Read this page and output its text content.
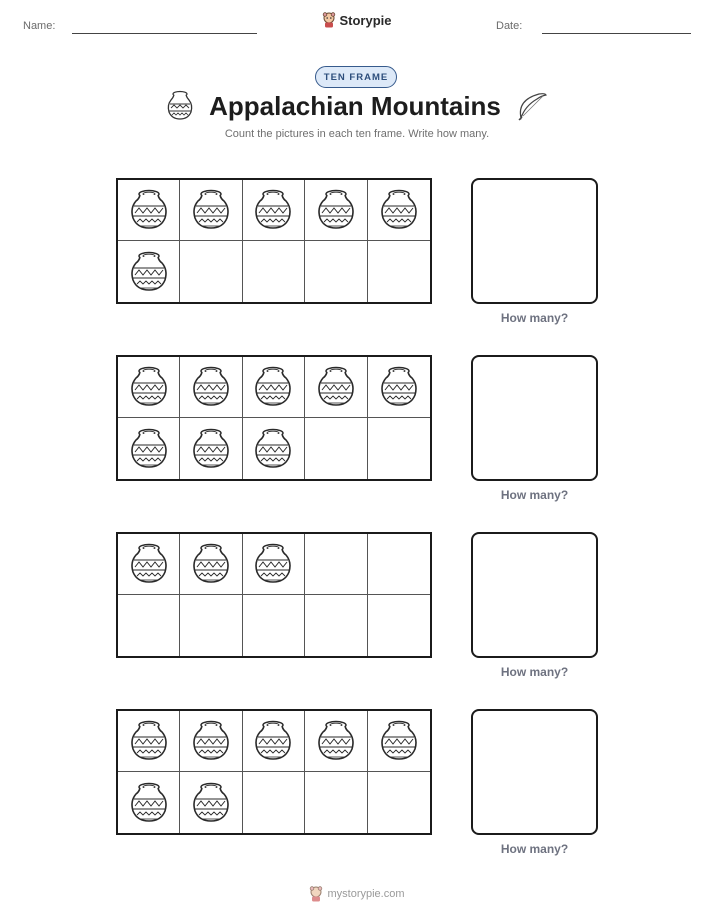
Name:	Storypie	Date:
TEN FRAME
Appalachian Mountains
Count the pictures in each ten frame. Write how many.
How many?
How many?
How many?
How many?
mystorypie.com
